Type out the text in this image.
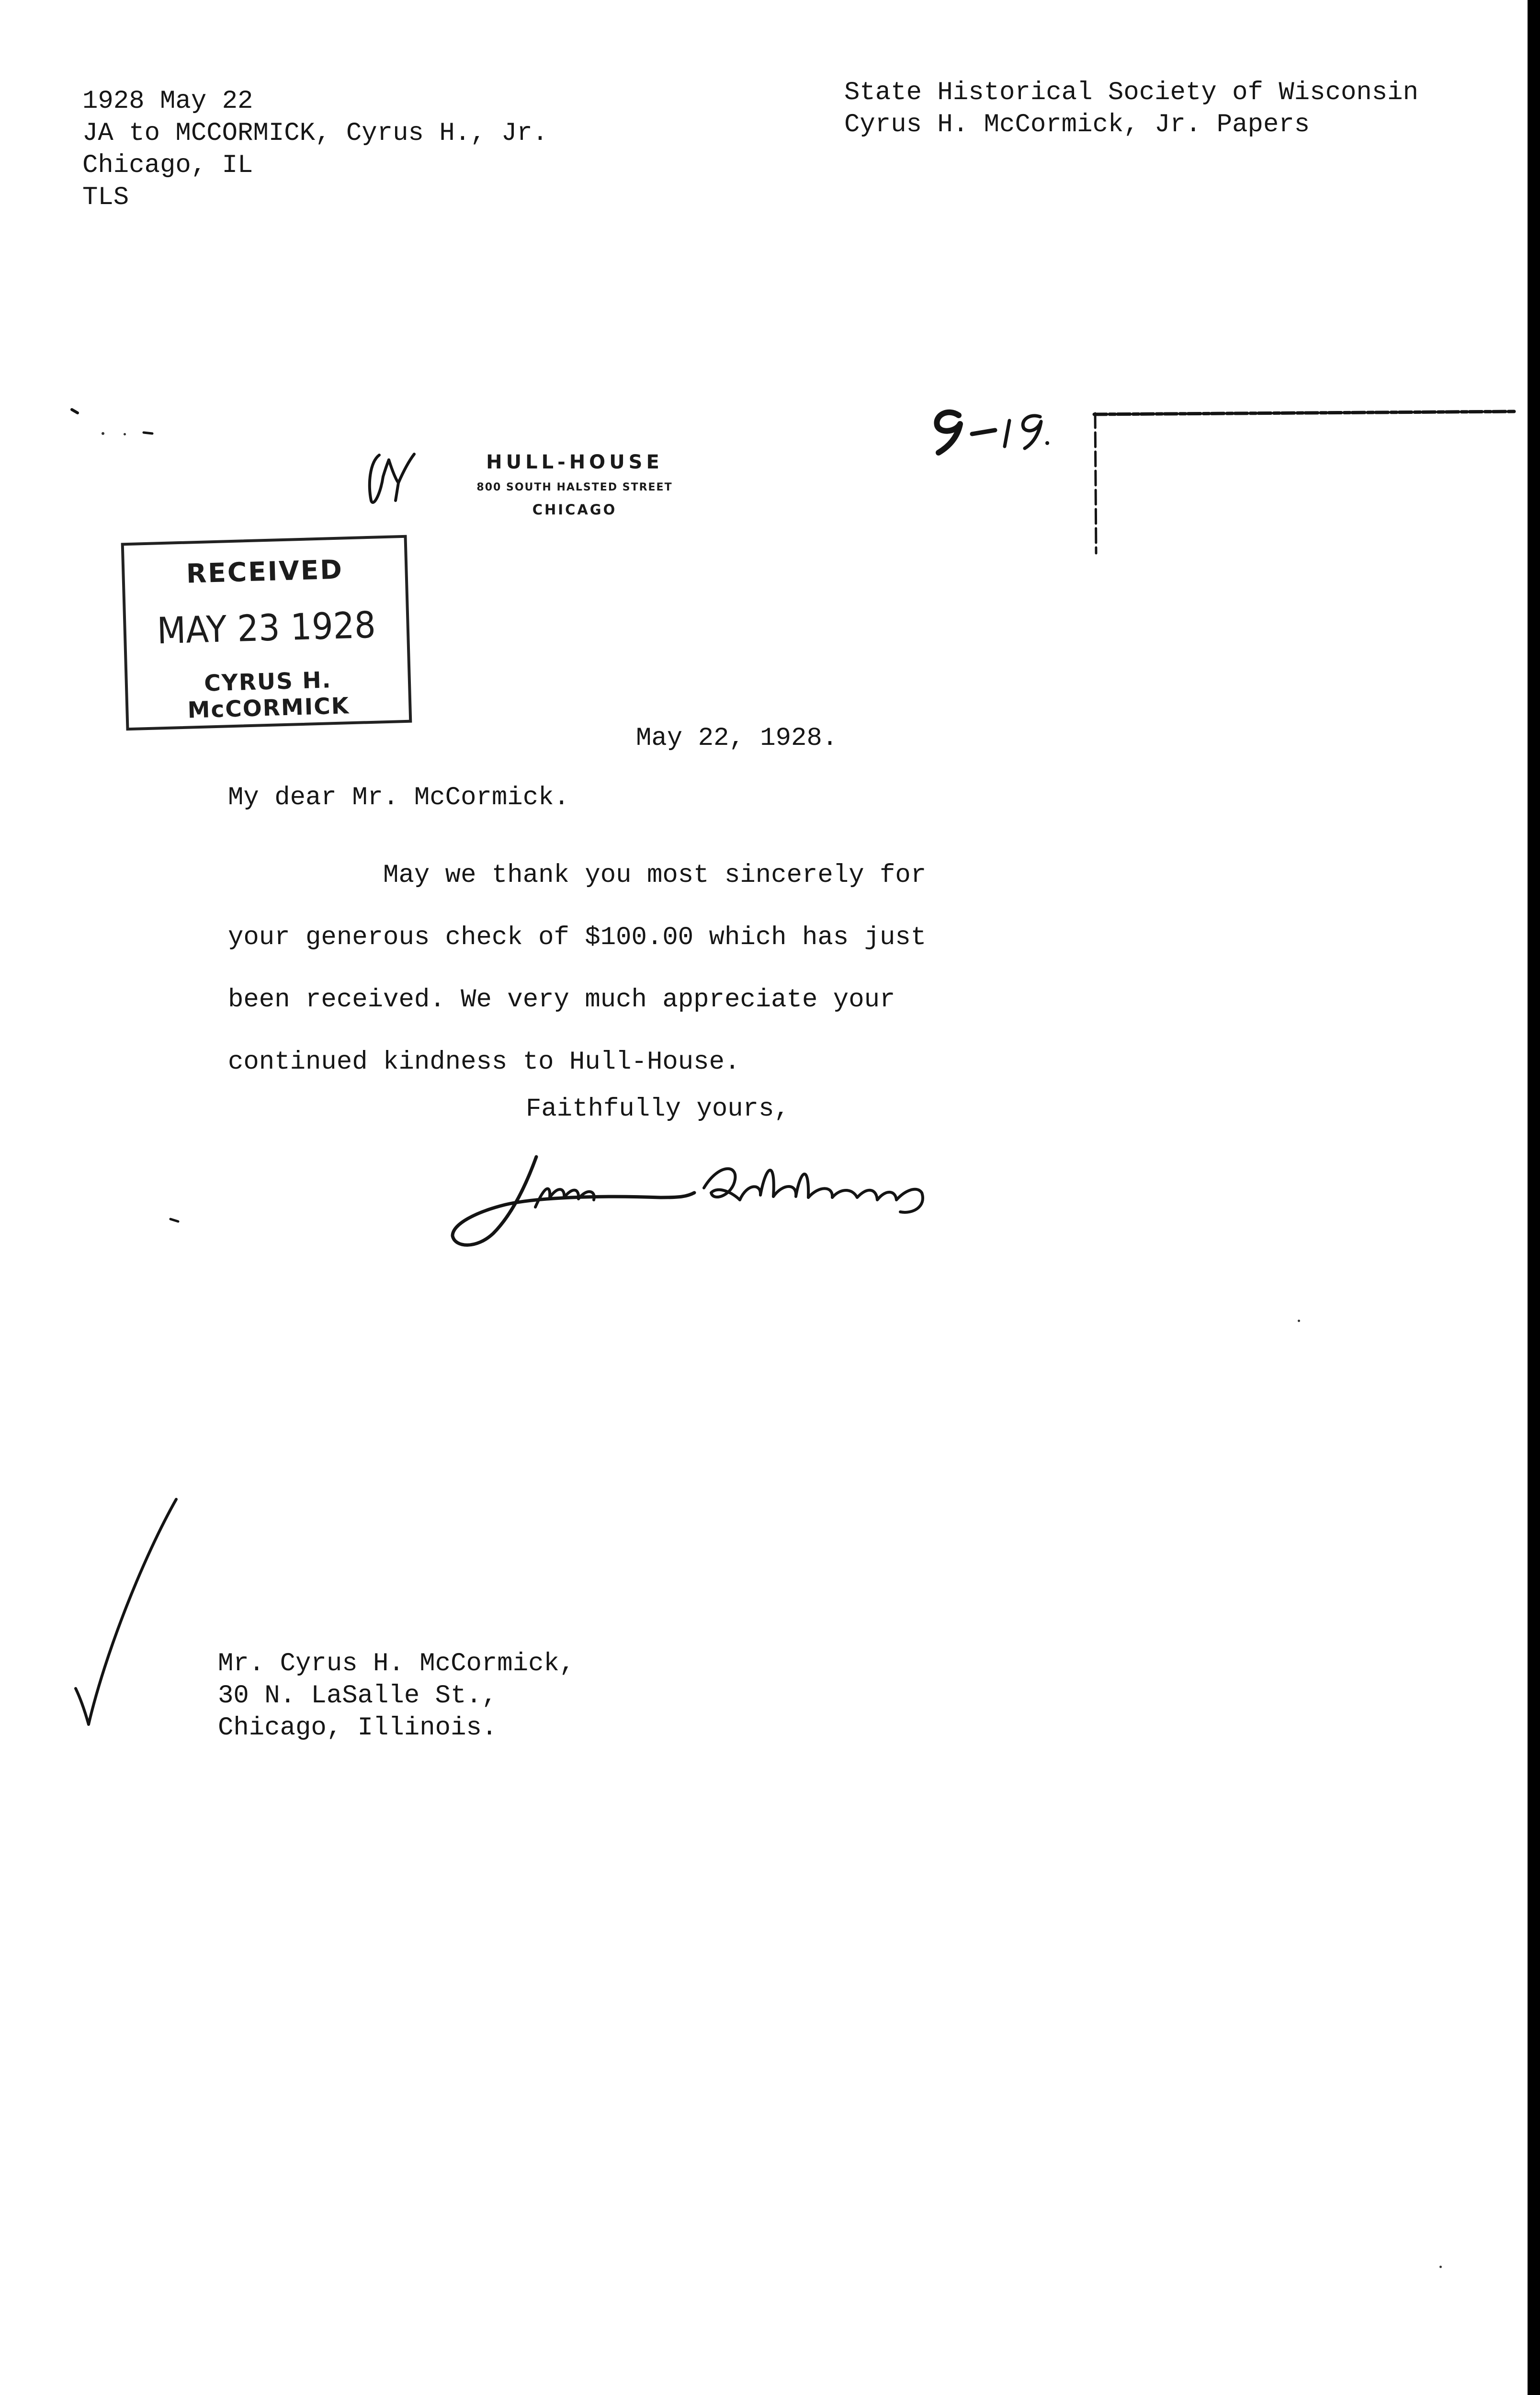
1928 May 22
JA to MCCORMICK, Cyrus H., Jr.
Chicago, IL
TLS
State Historical Society of Wisconsin
Cyrus H. McCormick, Jr. Papers
HULL-HOUSE
800 SOUTH HALSTED STREET
CHICAGO
RECEIVED
MAY 23 1928
CYRUS H. McCORMICK
May 22, 1928.
My dear Mr. McCormick.
May we thank you most sincerely for
your generous check of $100.00 which has just
been received. We very much appreciate your
continued kindness to Hull-House.
Faithfully yours,
Mr. Cyrus H. McCormick,
30 N. LaSalle St.,
Chicago, Illinois.
